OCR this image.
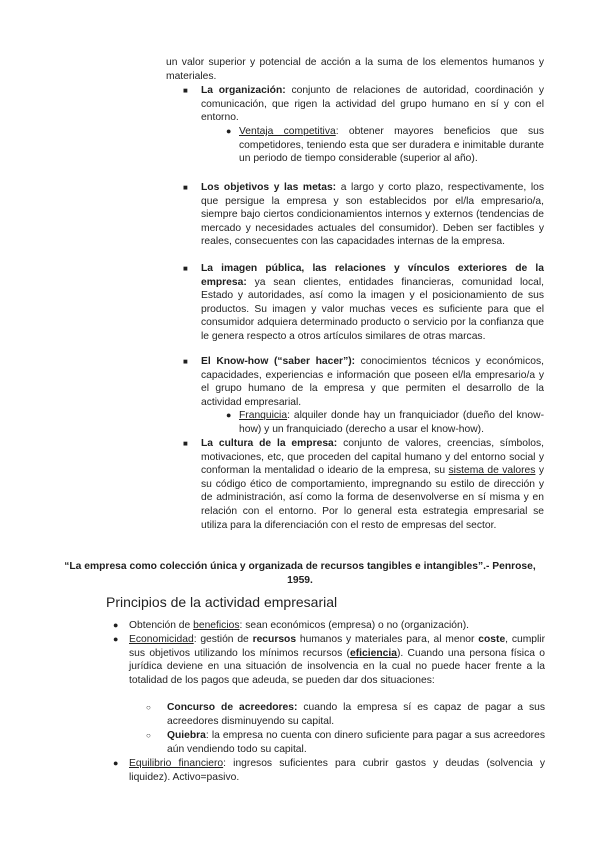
un valor superior y potencial de acción a la suma de los elementos humanos y materiales.

■ La organización: conjunto de relaciones de autoridad, coordinación y comunicación, que rigen la actividad del grupo humano en sí y con el entorno.

● Ventaja competitiva: obtener mayores beneficios que sus competidores, teniendo esta que ser duradera e inimitable durante un periodo de tiempo considerable (superior al año).

■ Los objetivos y las metas: a largo y corto plazo, respectivamente, los que persigue la empresa y son establecidos por el/la empresario/a, siempre bajo ciertos condicionamientos internos y externos (tendencias de mercado y necesidades actuales del consumidor). Deben ser factibles y reales, consecuentes con las capacidades internas de la empresa.

■ La imagen pública, las relaciones y vínculos exteriores de la empresa: ya sean clientes, entidades financieras, comunidad local, Estado y autoridades, así como la imagen y el posicionamiento de sus productos. Su imagen y valor muchas veces es suficiente para que el consumidor adquiera determinado producto o servicio por la confianza que le genera respecto a otros artículos similares de otras marcas.

■ El Know-how (“saber hacer”): conocimientos técnicos y económicos, capacidades, experiencias e información que poseen el/la empresario/a y el grupo humano de la empresa y que permiten el desarrollo de la actividad empresarial.

● Franquicia: alquiler donde hay un franquiciador (dueño del know-how) y un franquiciado (derecho a usar el know-how).

■ La cultura de la empresa: conjunto de valores, creencias, símbolos, motivaciones, etc, que proceden del capital humano y del entorno social y conforman la mentalidad o ideario de la empresa, su sistema de valores y su código ético de comportamiento, impregnando su estilo de dirección y de administración, así como la forma de desenvolverse en sí misma y en relación con el entorno. Por lo general esta estrategia empresarial se utiliza para la diferenciación con el resto de empresas del sector.

“La empresa como colección única y organizada de recursos tangibles e intangibles”.- Penrose, 1959.
Principios de la actividad empresarial
● Obtención de beneficios: sean económicos (empresa) o no (organización).

● Economicidad: gestión de recursos humanos y materiales para, al menor coste, cumplir sus objetivos utilizando los mínimos recursos (eficiencia). Cuando una persona física o jurídica deviene en una situación de insolvencia en la cual no puede hacer frente a la totalidad de los pagos que adeuda, se pueden dar dos situaciones:

○ Concurso de acreedores: cuando la empresa sí es capaz de pagar a sus acreedores disminuyendo su capital.

○ Quiebra: la empresa no cuenta con dinero suficiente para pagar a sus acreedores aún vendiendo todo su capital.

● Equilibrio financiero: ingresos suficientes para cubrir gastos y deudas (solvencia y liquidez). Activo=pasivo.
